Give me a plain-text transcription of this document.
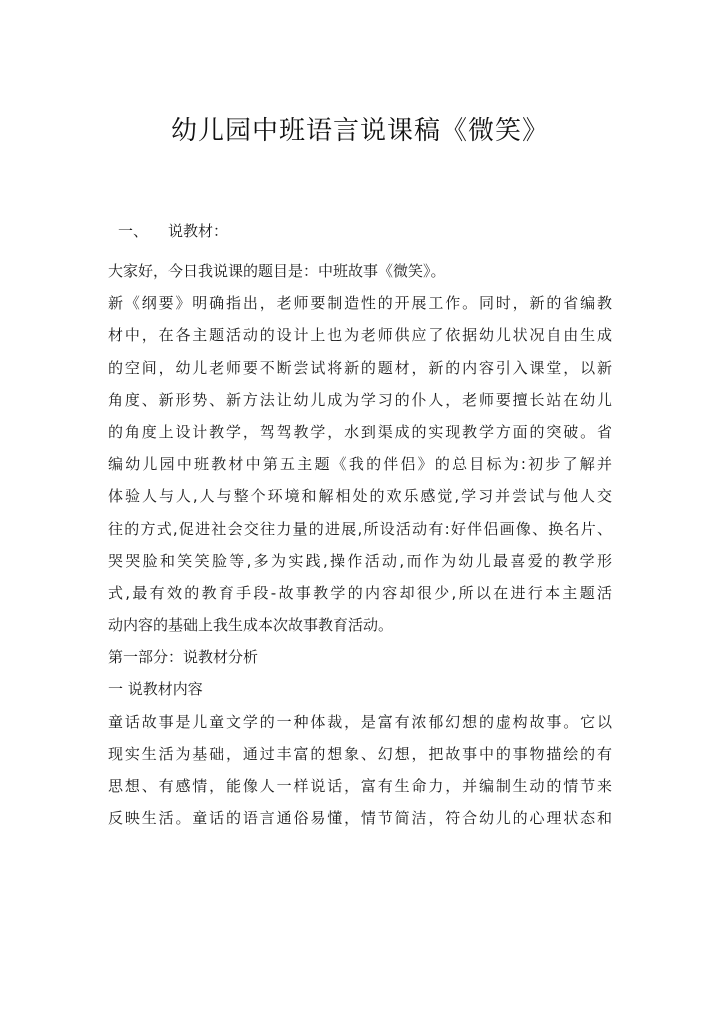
幼儿园中班语言说课稿《微笑》
一、 说教材：
大家好，今日我说课的题目是：中班故事《微笑》。
新《纲要》明确指出，老师要制造性的开展工作。同时，新的省编教
材中，在各主题活动的设计上也为老师供应了依据幼儿状况自由生成
的空间，幼儿老师要不断尝试将新的题材，新的内容引入课堂，以新
角度、新形势、新方法让幼儿成为学习的仆人，老师要擅长站在幼儿
的角度上设计教学，驾驾教学，水到渠成的实现教学方面的突破。省
编幼儿园中班教材中第五主题《我的伴侣》的总目标为:初步了解并
体验人与人,人与整个环境和解相处的欢乐感觉,学习并尝试与他人交
往的方式,促进社会交往力量的进展,所设活动有:好伴侣画像、换名片、
哭哭脸和笑笑脸等,多为实践,操作活动,而作为幼儿最喜爱的教学形
式,最有效的教育手段-故事教学的内容却很少,所以在进行本主题活
动内容的基础上我生成本次故事教育活动。
第一部分：说教材分析
一 说教材内容
童话故事是儿童文学的一种体裁，是富有浓郁幻想的虚构故事。它以
现实生活为基础，通过丰富的想象、幻想，把故事中的事物描绘的有
思想、有感情，能像人一样说话，富有生命力，并编制生动的情节来
反映生活。童话的语言通俗易懂，情节简洁，符合幼儿的心理状态和
